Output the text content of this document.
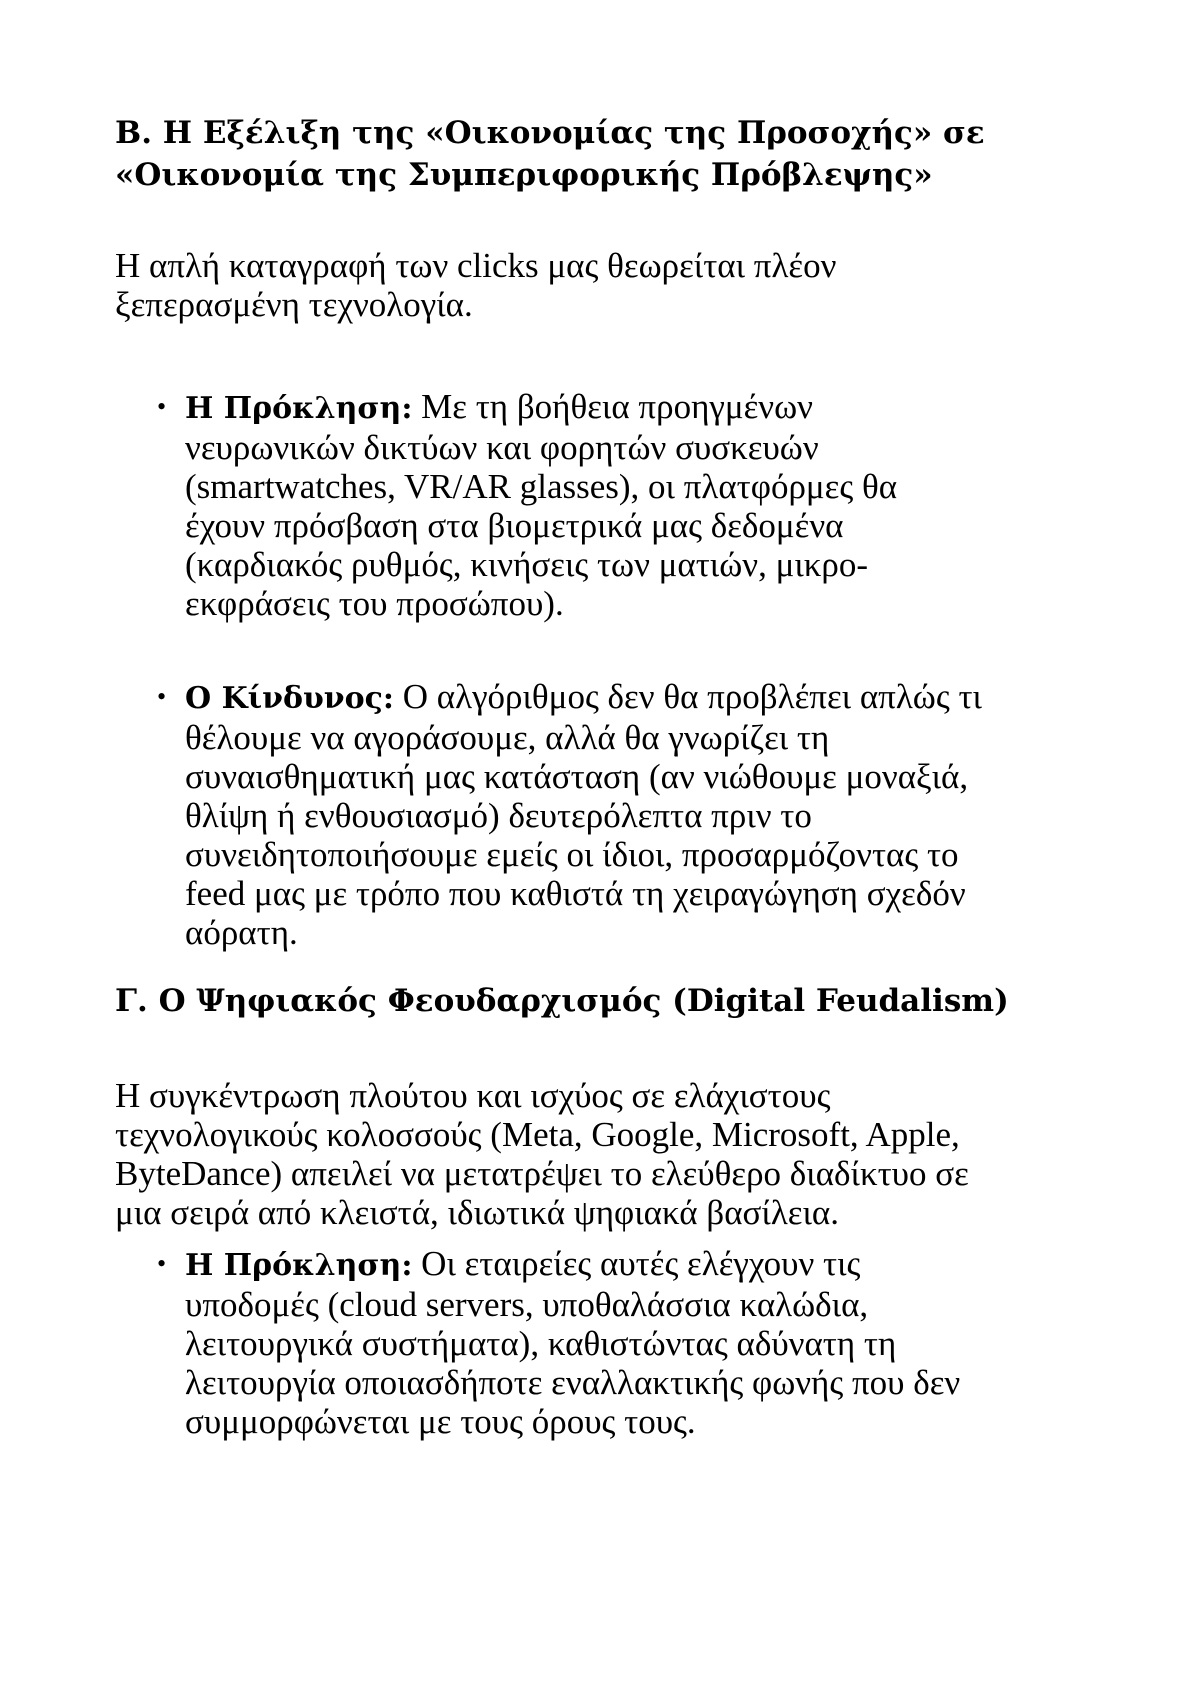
B. Η Εξέλιξη της «Οικονομίας της Προσοχής» σε
«Οικονομία της Συμπεριφορικής Πρόβλεψης»

Η απλή καταγραφή των clicks μας θεωρείται πλέον
ξεπερασμένη τεχνολογία.

• Η Πρόκληση: Με τη βοήθεια προηγμένων
νευρωνικών δικτύων και φορητών συσκευών
(smartwatches, VR/AR glasses), οι πλατφόρμες θα
έχουν πρόσβαση στα βιομετρικά μας δεδομένα
(καρδιακός ρυθμός, κινήσεις των ματιών, μικρο-
εκφράσεις του προσώπου).
• Ο Κίνδυνος: Ο αλγόριθμος δεν θα προβλέπει απλώς τι
θέλουμε να αγοράσουμε, αλλά θα γνωρίζει τη
συναισθηματική μας κατάσταση (αν νιώθουμε μοναξιά,
θλίψη ή ενθουσιασμό) δευτερόλεπτα πριν το
συνειδητοποιήσουμε εμείς οι ίδιοι, προσαρμόζοντας το
feed μας με τρόπο που καθιστά τη χειραγώγηση σχεδόν
αόρατη.
Γ. Ο Ψηφιακός Φεουδαρχισμός (Digital Feudalism)

Η συγκέντρωση πλούτου και ισχύος σε ελάχιστους
τεχνολογικούς κολοσσούς (Meta, Google, Microsoft, Apple,
ByteDance) απειλεί να μετατρέψει το ελεύθερο διαδίκτυο σε
μια σειρά από κλειστά, ιδιωτικά ψηφιακά βασίλεια.

• Η Πρόκληση: Οι εταιρείες αυτές ελέγχουν τις
υποδομές (cloud servers, υποθαλάσσια καλώδια,
λειτουργικά συστήματα), καθιστώντας αδύνατη τη
λειτουργία οποιασδήποτε εναλλακτικής φωνής που δεν
συμμορφώνεται με τους όρους τους.
